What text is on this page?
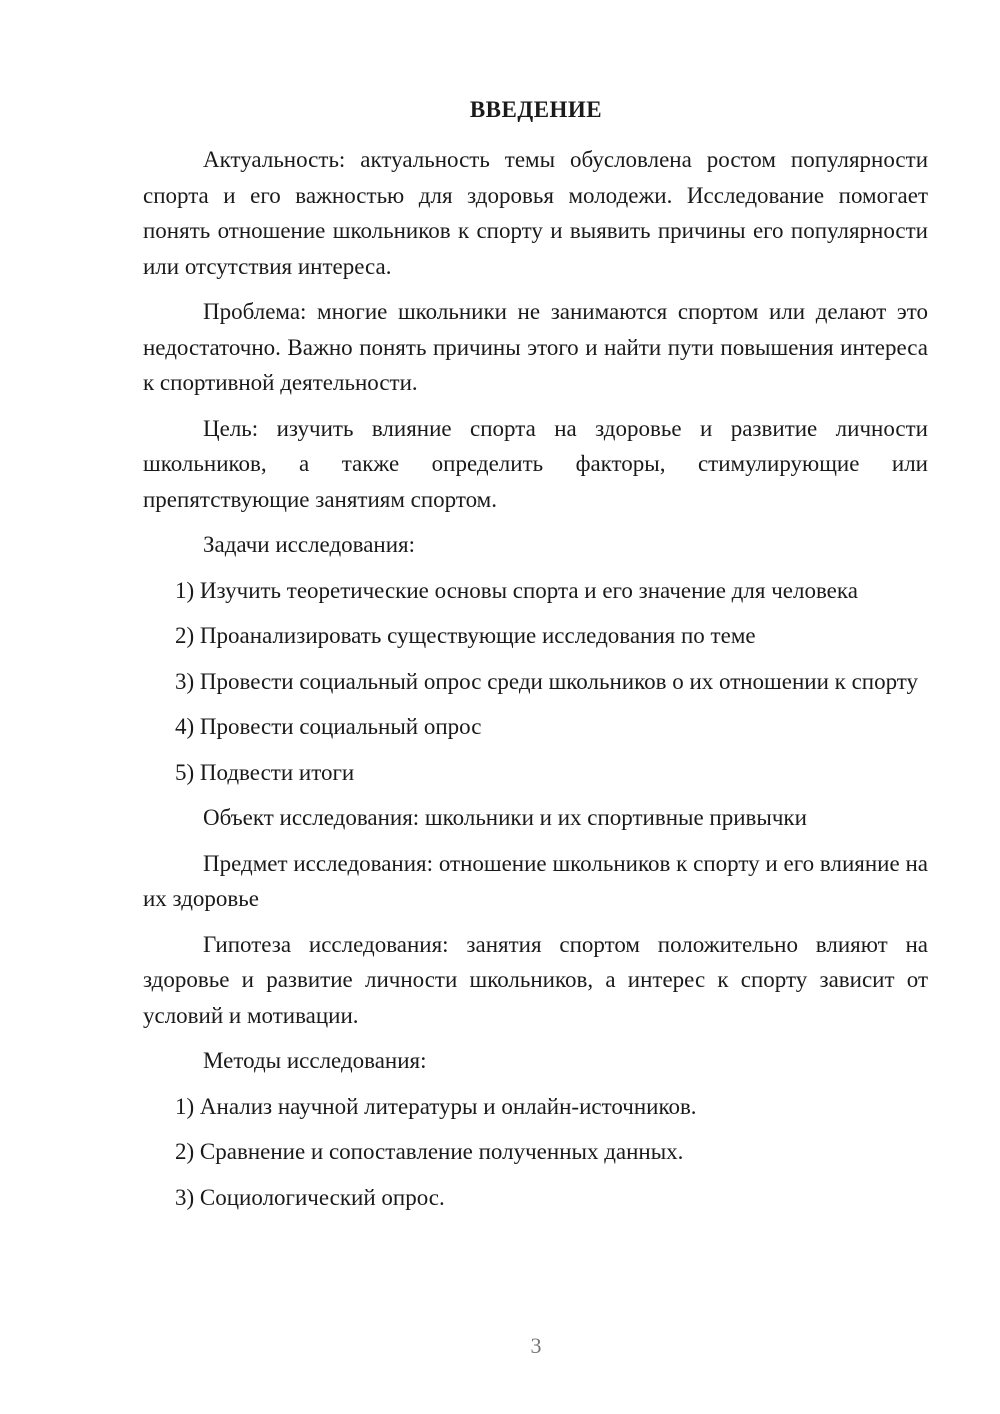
ВВЕДЕНИЕ

Актуальность: актуальность темы обусловлена ростом популярности спорта и его важностью для здоровья молодежи. Исследование помогает понять отношение школьников к спорту и выявить причины его популярности или отсутствия интереса.

Проблема: многие школьники не занимаются спортом или делают это недостаточно. Важно понять причины этого и найти пути повышения интереса к спортивной деятельности.

Цель: изучить влияние спорта на здоровье и развитие личности школьников, а также определить факторы, стимулирующие или препятствующие занятиям спортом.

Задачи исследования:

1) Изучить теоретические основы спорта и его значение для человека

2) Проанализировать существующие исследования по теме

3) Провести социальный опрос среди школьников о их отношении к спорту

4) Провести социальный опрос

5) Подвести итоги

Объект исследования: школьники и их спортивные привычки

Предмет исследования: отношение школьников к спорту и его влияние на их здоровье

Гипотеза исследования: занятия спортом положительно влияют на здоровье и развитие личности школьников, а интерес к спорту зависит от условий и мотивации.

Методы исследования:

1) Анализ научной литературы и онлайн-источников.

2) Сравнение и сопоставление полученных данных.

3) Социологический опрос.

3
